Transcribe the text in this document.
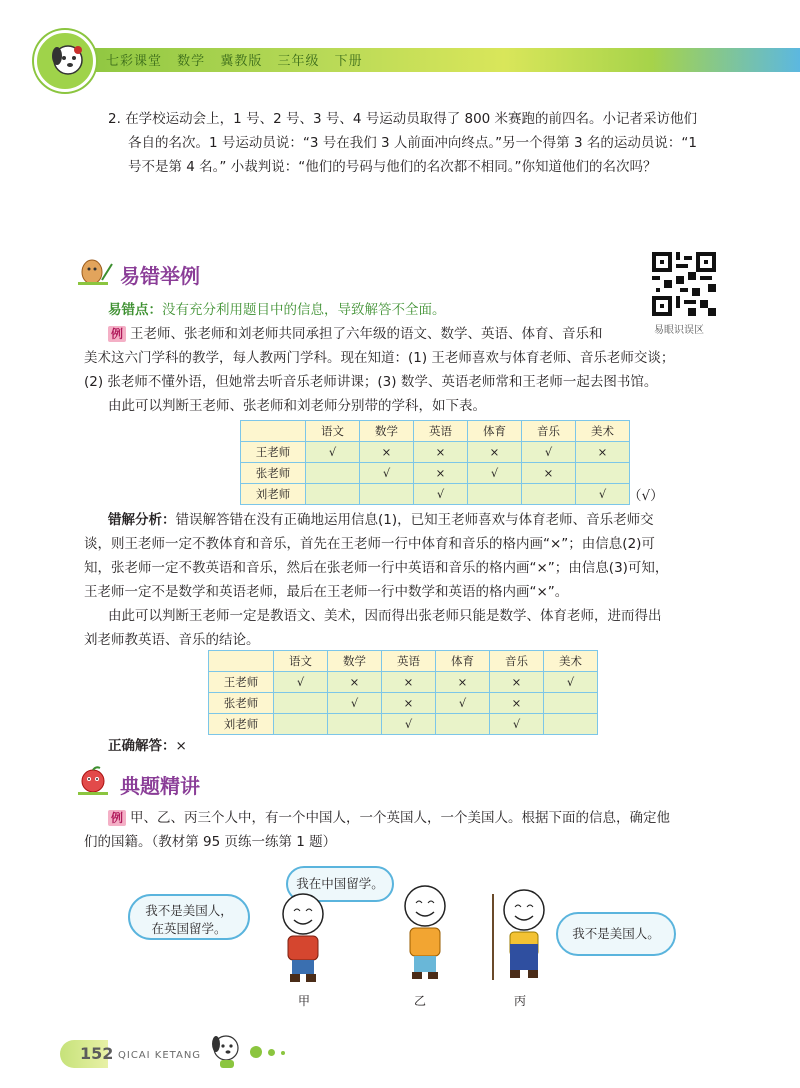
七彩课堂 数学 冀教版 三年级 下册
2. 在学校运动会上，1 号、2 号、3 号、4 号运动员取得了 800 米赛跑的前四名。小记者采访他们
各自的名次。1 号运动员说：“3 号在我们 3 人前面冲向终点。”另一个得第 3 名的运动员说：“1
号不是第 4 名。” 小裁判说：“他们的号码与他们的名次都不相同。”你知道他们的名次吗？
易错举例
易眼识误区
易错点：没有充分利用题目中的信息，导致解答不全面。
例 王老师、张老师和刘老师共同承担了六年级的语文、数学、英语、体育、音乐和
美术这六门学科的教学，每人教两门学科。现在知道：(1) 王老师喜欢与体育老师、音乐老师交谈；
(2) 张老师不懂外语，但她常去听音乐老师讲课；(3) 数学、英语老师常和王老师一起去图书馆。
由此可以判断王老师、张老师和刘老师分别带的学科，如下表。
	语文	数学	英语	体育	音乐	美术
王老师	√	×	×	×	√	×
张老师		√	×	√	×	
刘老师			√			√ （√）
错解分析：错误解答错在没有正确地运用信息(1)，已知王老师喜欢与体育老师、音乐老师交
谈，则王老师一定不教体育和音乐，首先在王老师一行中体育和音乐的格内画“×”；由信息(2)可
知，张老师一定不教英语和音乐，然后在张老师一行中英语和音乐的格内画“×”；由信息(3)可知，
王老师一定不是数学和英语老师，最后在王老师一行中数学和英语的格内画“×”。
由此可以判断王老师一定是教语文、美术，因而得出张老师只能是数学、体育老师，进而得出
刘老师教英语、音乐的结论。
	语文	数学	英语	体育	音乐	美术
王老师	√	×	×	×	×	√
张老师		√	×	√	×	
刘老师			√		√	
正确解答：×
典题精讲
例 甲、乙、丙三个人中，有一个中国人，一个英国人，一个美国人。根据下面的信息，确定他
们的国籍。（教材第 95 页练一练第 1 题）
我在中国留学。
我不是美国人，
在英国留学。	我不是美国人。
甲	乙	丙
152 QICAI KETANG
